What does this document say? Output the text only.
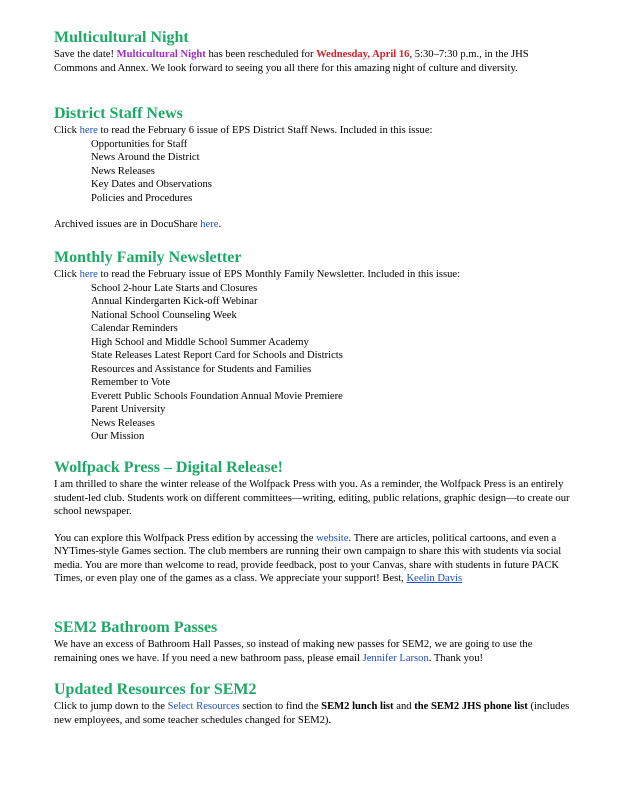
Multicultural Night

Save the date! Multicultural Night has been rescheduled for Wednesday, April 16, 5:30–7:30 p.m., in the JHS Commons and Annex. We look forward to seeing you all there for this amazing night of culture and diversity.

District Staff News

Click here to read the February 6 issue of EPS District Staff News. Included in this issue:

Opportunities for Staff
News Around the District
News Releases
Key Dates and Observations
Policies and Procedures

Archived issues are in DocuShare here.

Monthly Family Newsletter

Click here to read the February issue of EPS Monthly Family Newsletter. Included in this issue:

School 2-hour Late Starts and Closures
Annual Kindergarten Kick-off Webinar
National School Counseling Week
Calendar Reminders
High School and Middle School Summer Academy
State Releases Latest Report Card for Schools and Districts
Resources and Assistance for Students and Families
Remember to Vote
Everett Public Schools Foundation Annual Movie Premiere
Parent University
News Releases
Our Mission
Wolfpack Press – Digital Release!

I am thrilled to share the winter release of the Wolfpack Press with you. As a reminder, the Wolfpack Press is an entirely student-led club. Students work on different committees—writing, editing, public relations, graphic design—to create our school newspaper.

You can explore this Wolfpack Press edition by accessing the website. There are articles, political cartoons, and even a NYTimes-style Games section. The club members are running their own campaign to share this with students via social media. You are more than welcome to read, provide feedback, post to your Canvas, share with students in future PACK Times, or even play one of the games as a class. We appreciate your support! Best, Keelin Davis

SEM2 Bathroom Passes

We have an excess of Bathroom Hall Passes, so instead of making new passes for SEM2, we are going to use the remaining ones we have. If you need a new bathroom pass, please email Jennifer Larson. Thank you!

Updated Resources for SEM2

Click to jump down to the Select Resources section to find the SEM2 lunch list and the SEM2 JHS phone list (includes new employees, and some teacher schedules changed for SEM2).
